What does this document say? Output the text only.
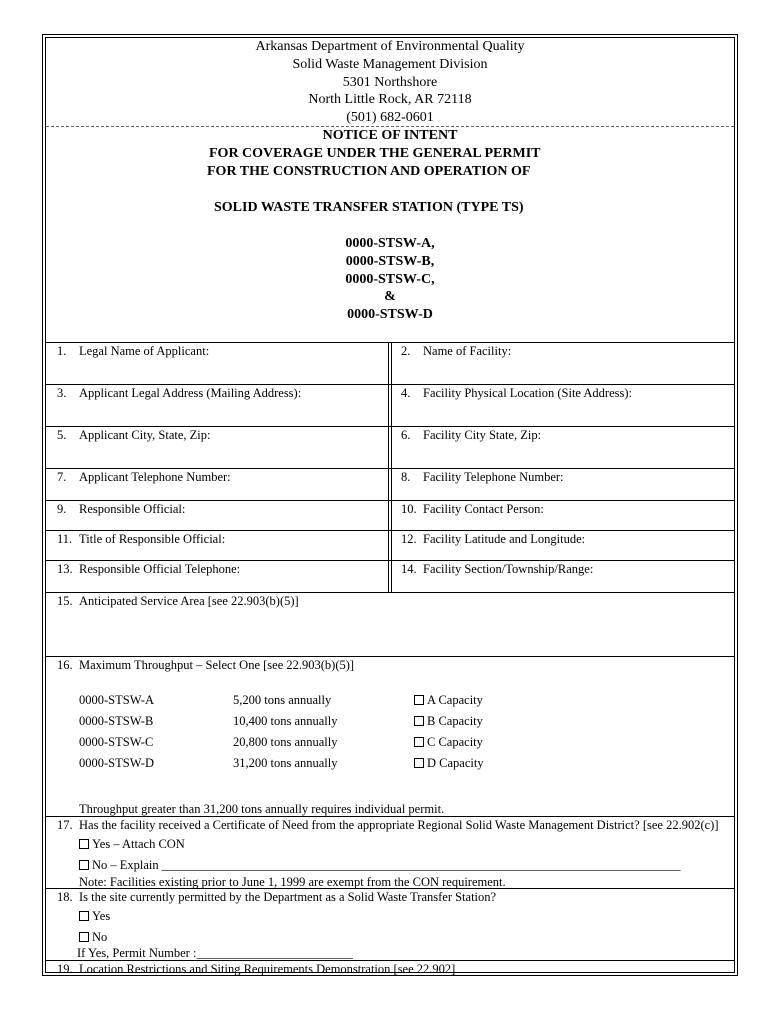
Arkansas Department of Environmental Quality
Solid Waste Management Division
5301 Northshore
North Little Rock, AR 72118
(501) 682-0601
NOTICE OF INTENT
FOR COVERAGE UNDER THE GENERAL PERMIT
FOR THE CONSTRUCTION AND OPERATION OF
SOLID WASTE TRANSFER STATION (TYPE TS)
0000-STSW-A,
0000-STSW-B,
0000-STSW-C,
&
0000-STSW-D
1. Legal Name of Applicant:	2. Name of Facility:
3. Applicant Legal Address (Mailing Address):	4. Facility Physical Location (Site Address):
5. Applicant City, State, Zip:	6. Facility City State, Zip:
7. Applicant Telephone Number:	8. Facility Telephone Number:
9. Responsible Official:	10. Facility Contact Person:
11. Title of Responsible Official:	12. Facility Latitude and Longitude:
13. Responsible Official Telephone:	14. Facility Section/Township/Range:
15. Anticipated Service Area [see 22.903(b)(5)]
16. Maximum Throughput – Select One [see 22.903(b)(5)]
0000-STSW-A	5,200 tons annually	A Capacity
0000-STSW-B	10,400 tons annually	B Capacity
0000-STSW-C	20,800 tons annually	C Capacity
0000-STSW-D	31,200 tons annually	D Capacity
Throughput greater than 31,200 tons annually requires individual permit.
17. Has the facility received a Certificate of Need from the appropriate Regional Solid Waste Management District? [see 22.902(c)]
Yes – Attach CON
No – Explain ___________________________________________________________________________________
Note: Facilities existing prior to June 1, 1999 are exempt from the CON requirement.
18. Is the site currently permitted by the Department as a Solid Waste Transfer Station?
Yes
No
If Yes, Permit Number :_________________________
19. Location Restrictions and Siting Requirements Demonstration [see 22.902]
